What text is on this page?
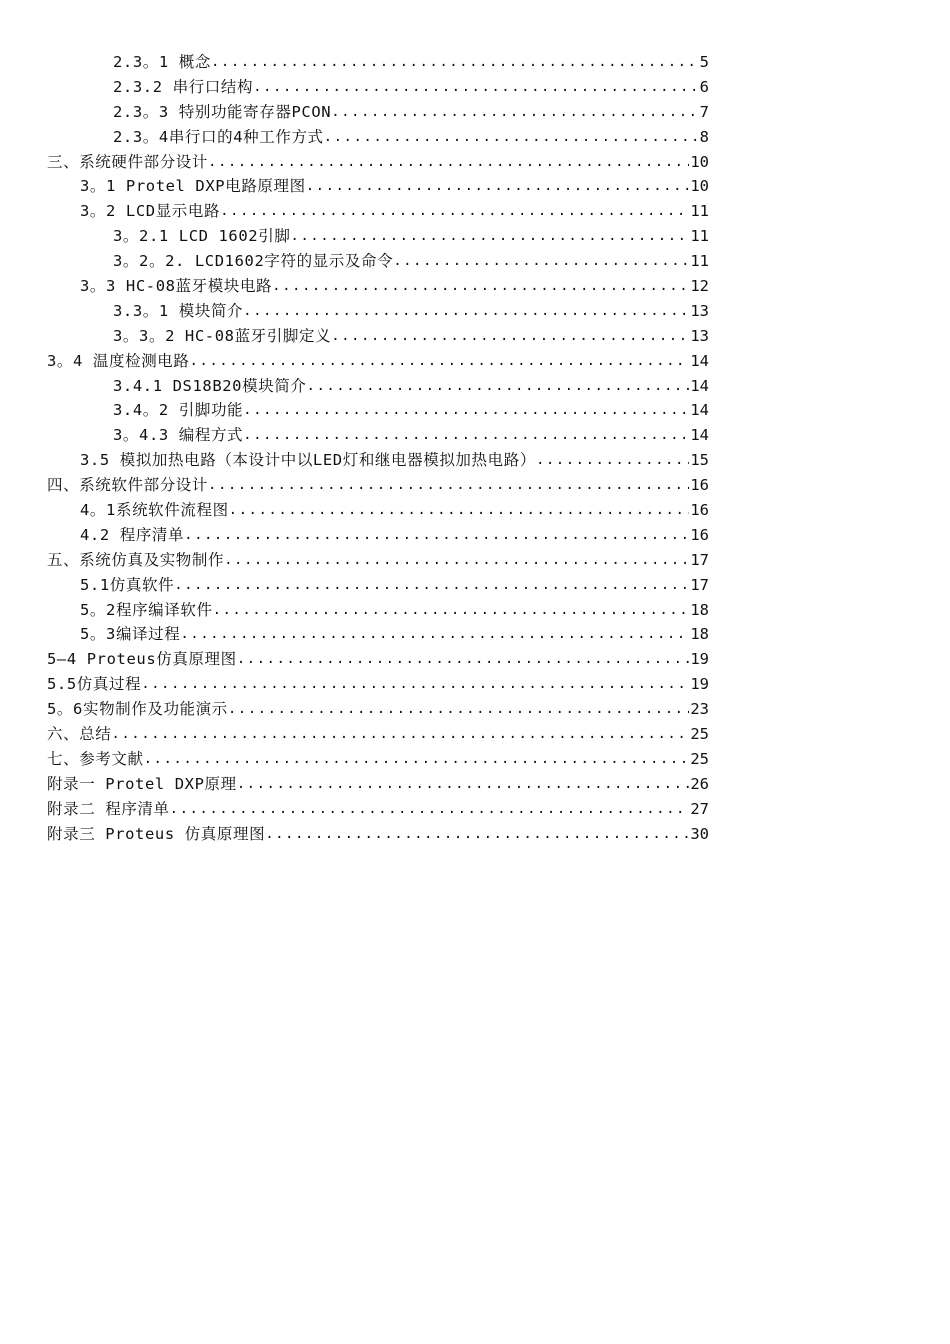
2.3。1 概念 .....	5
2.3.2 串行口结构 .....	6
2.3。3 特别功能寄存器PCON .....	7
2.3。4串行口的4种工作方式 .....	8
三、系统硬件部分设计 .....	10
3。1 Protel DXP电路原理图 .....	10
3。2 LCD显示电路 .....	11
3。2.1 LCD 1602引脚 .....	11
3。2。2. LCD1602字符的显示及命令 .....	11
3。3 HC-08蓝牙模块电路 .....	12
3.3。1 模块简介 .....	13
3。3。2 HC-08蓝牙引脚定义 .....	13
3。4 温度检测电路 .....	14
3.4.1 DS18B20模块简介 .....	14
3.4。2 引脚功能 .....	14
3。4.3 编程方式 .....	14
3.5 模拟加热电路（本设计中以LED灯和继电器模拟加热电路） .....	15
四、系统软件部分设计 .....	16
4。1系统软件流程图 .....	16
4.2 程序清单 .....	16
五、系统仿真及实物制作 .....	17
5.1仿真软件 .....	17
5。2程序编译软件 .....	18
5。3编译过程 .....	18
5—4 Proteus仿真原理图 .....	19
5.5仿真过程 .....	19
5。6实物制作及功能演示 .....	23
六、总结 .....	25
七、参考文献 .....	25
附录一 Protel DXP原理 .....	26
附录二 程序清单 .....	27
附录三 Proteus 仿真原理图 .....	30
